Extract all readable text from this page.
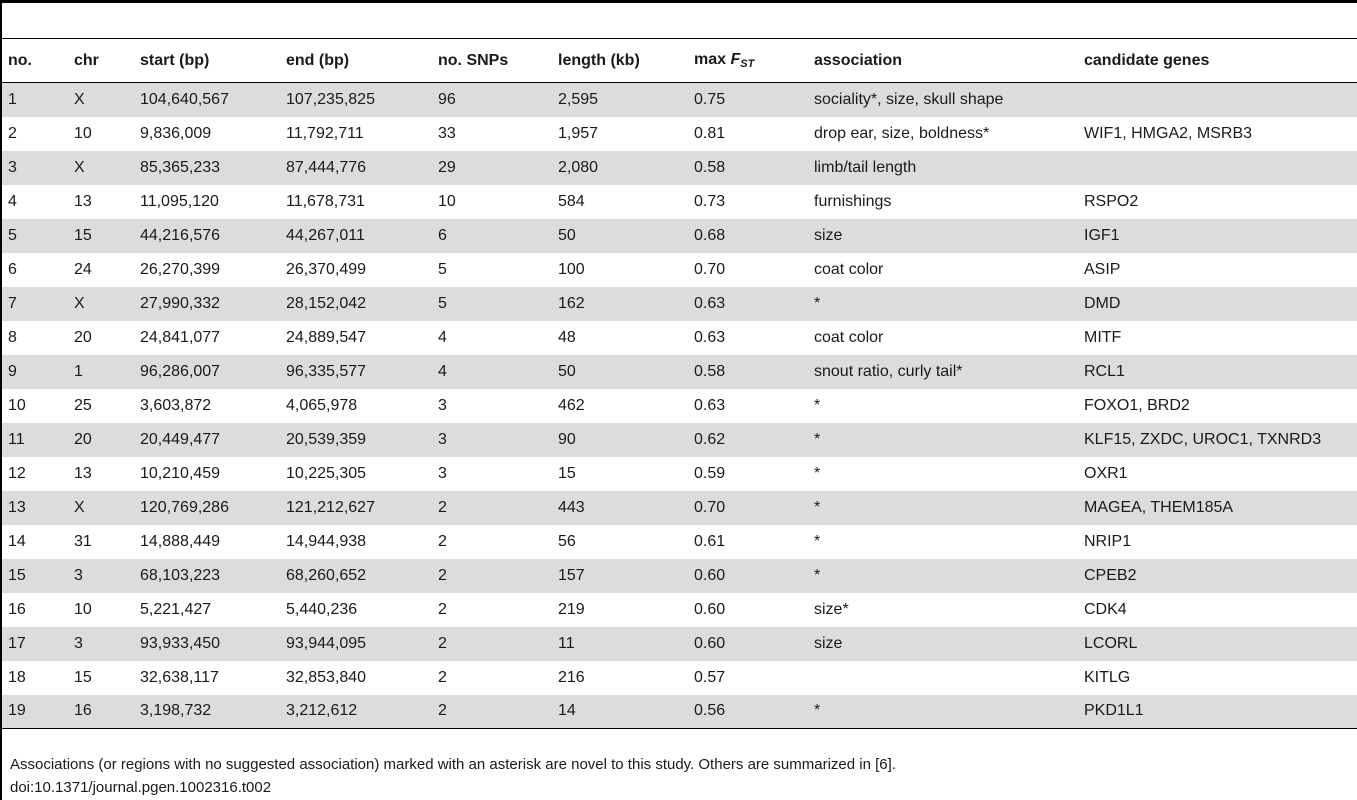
no.	chr	start (bp)	end (bp)	no. SNPs	length (kb)	max FST	association	candidate genes
1	X	104,640,567	107,235,825	96	2,595	0.75	sociality*, size, skull shape	
2	10	9,836,009	11,792,711	33	1,957	0.81	drop ear, size, boldness*	WIF1, HMGA2, MSRB3
3	X	85,365,233	87,444,776	29	2,080	0.58	limb/tail length	
4	13	11,095,120	11,678,731	10	584	0.73	furnishings	RSPO2
5	15	44,216,576	44,267,011	6	50	0.68	size	IGF1
6	24	26,270,399	26,370,499	5	100	0.70	coat color	ASIP
7	X	27,990,332	28,152,042	5	162	0.63	*	DMD
8	20	24,841,077	24,889,547	4	48	0.63	coat color	MITF
9	1	96,286,007	96,335,577	4	50	0.58	snout ratio, curly tail*	RCL1
10	25	3,603,872	4,065,978	3	462	0.63	*	FOXO1, BRD2
11	20	20,449,477	20,539,359	3	90	0.62	*	KLF15, ZXDC, UROC1, TXNRD3
12	13	10,210,459	10,225,305	3	15	0.59	*	OXR1
13	X	120,769,286	121,212,627	2	443	0.70	*	MAGEA, THEM185A
14	31	14,888,449	14,944,938	2	56	0.61	*	NRIP1
15	3	68,103,223	68,260,652	2	157	0.60	*	CPEB2
16	10	5,221,427	5,440,236	2	219	0.60	size*	CDK4
17	3	93,933,450	93,944,095	2	11	0.60	size	LCORL
18	15	32,638,117	32,853,840	2	216	0.57		KITLG
19	16	3,198,732	3,212,612	2	14	0.56	*	PKD1L1
Associations (or regions with no suggested association) marked with an asterisk are novel to this study. Others are summarized in [6].
doi:10.1371/journal.pgen.1002316.t002
